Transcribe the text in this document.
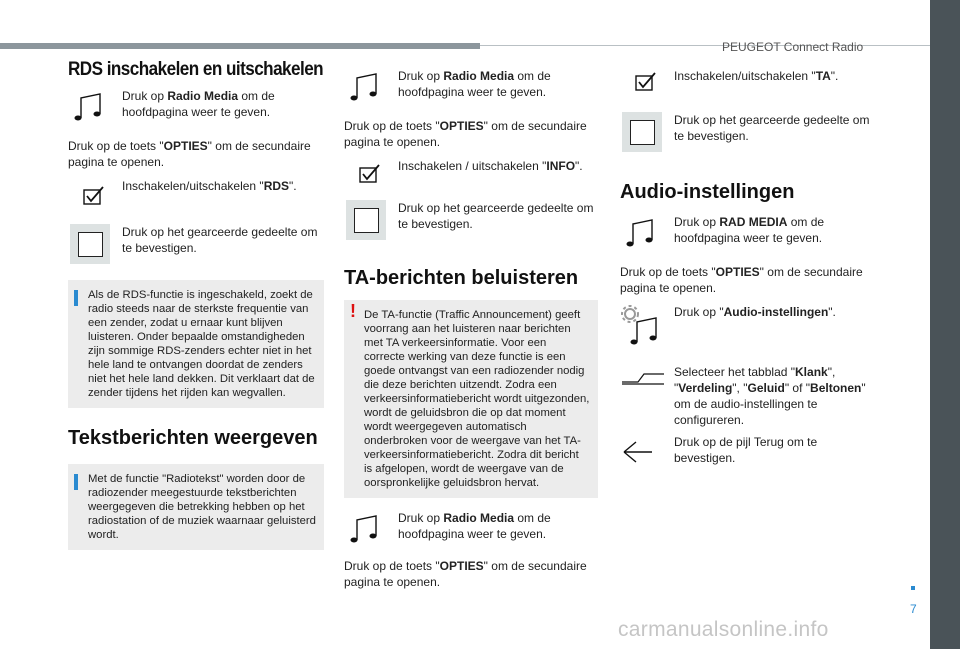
PEUGEOT Connect Radio
7
carmanualsonline.info
RDS inschakelen en uitschakelen
Druk op Radio Media om de hoofdpagina weer te geven.

Druk op de toets "OPTIES" om de secundaire pagina te openen.

Inschakelen/uitschakelen "RDS".
Druk op het gearceerde gedeelte om te bevestigen.
Als de RDS-functie is ingeschakeld, zoekt de radio steeds naar de sterkste frequentie van een zender, zodat u ernaar kunt blijven luisteren. Onder bepaalde omstandigheden zijn sommige RDS-zenders echter niet in het hele land te ontvangen doordat de zenders niet het hele land dekken. Dit verklaart dat de zender tijdens het rijden kan wegvallen.
Tekstberichten weergeven
Met de functie "Radiotekst" worden door de radiozender meegestuurde tekstberichten weergegeven die betrekking hebben op het radiostation of de muziek waarnaar geluisterd wordt.
Druk op Radio Media om de hoofdpagina weer te geven.

Druk op de toets "OPTIES" om de secundaire pagina te openen.

Inschakelen / uitschakelen "INFO".
Druk op het gearceerde gedeelte om te bevestigen.
TA-berichten beluisteren
! De TA-functie (Traffic Announcement) geeft voorrang aan het luisteren naar berichten met TA verkeersinformatie. Voor een correcte werking van deze functie is een goede ontvangst van een radiozender nodig die deze berichten uitzendt. Zodra een verkeersinformatiebericht wordt uitgezonden, wordt de geluidsbron die op dat moment wordt weergegeven automatisch onderbroken voor de weergave van het TA-verkeersinformatiebericht. Zodra dit bericht is afgelopen, wordt de weergave van de oorspronkelijke geluidsbron hervat.
Druk op Radio Media om de hoofdpagina weer te geven.

Druk op de toets "OPTIES" om de secundaire pagina te openen.

Inschakelen/uitschakelen "TA".
Druk op het gearceerde gedeelte om te bevestigen.
Audio-instellingen
Druk op RAD MEDIA om de hoofdpagina weer te geven.

Druk op de toets "OPTIES" om de secundaire pagina te openen.

Druk op "Audio-instellingen".
Selecteer het tabblad "Klank", "Verdeling", "Geluid" of "Beltonen" om de audio-instellingen te configureren.
Druk op de pijl Terug om te bevestigen.
